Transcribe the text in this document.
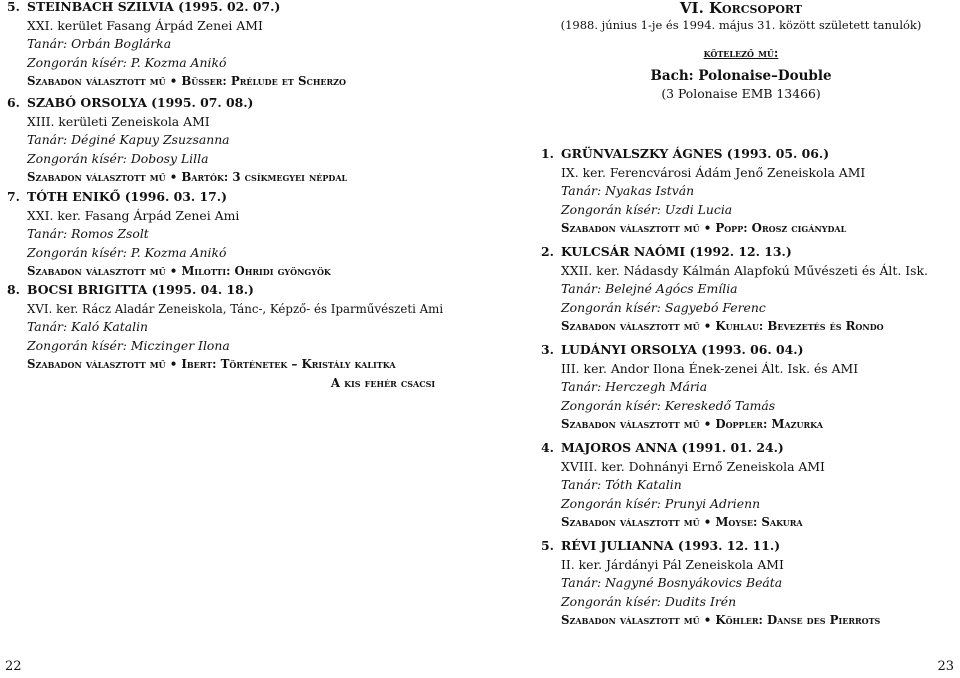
5. STEINBACH SZILVIA (1995. 02. 07.)
XXI. kerület Fasang Árpád Zenei AMI
Tanár: Orbán Boglárka
Zongorán kísér: P. Kozma Anikó
Szabadon választott mű • Büsser: Prélude et Scherzo
6. SZABÓ ORSOLYA (1995. 07. 08.)
XIII. kerületi Zeneiskola AMI
Tanár: Déginé Kapuy Zsuzsanna
Zongorán kísér: Dobosy Lilla
Szabadon választott mű • Bartók: 3 csíkmegyei népdal
7. TÓTH ENIKŐ (1996. 03. 17.)
XXI. ker. Fasang Árpád Zenei Ami
Tanár: Romos Zsolt
Zongorán kísér: P. Kozma Anikó
Szabadon választott mű • Milotti: Ohridi gyöngyök
8. BOCSI BRIGITTA (1995. 04. 18.)
XVI. ker. Rácz Aladár Zeneiskola, Tánc-, Képző- és Iparművészeti Ami
Tanár: Kaló Katalin
Zongorán kísér: Miczinger Ilona
Szabadon választott mű • Ibert: Történetek – Kristály kalitka
A kis fehér csacsi
VI. Korcsoport
(1988. június 1-je és 1994. május 31. között született tanulók)
kötelező mű:
Bach: Polonaise–Double
(3 Polonaise EMB 13466)
1. GRÜNVALSZKY ÁGNES (1993. 05. 06.)
IX. ker. Ferencvárosi Ádám Jenő Zeneiskola AMI
Tanár: Nyakas István
Zongorán kísér: Uzdi Lucia
Szabadon választott mű • Popp: Orosz cigánydal
2. KULCSÁR NAÓMI (1992. 12. 13.)
XXII. ker. Nádasdy Kálmán Alapfokú Művészeti és Ált. Isk.
Tanár: Belejné Agócs Emília
Zongorán kísér: Sagyebó Ferenc
Szabadon választott mű • Kuhlau: Bevezetés és Rondo
3. LUDÁNYI ORSOLYA (1993. 06. 04.)
III. ker. Andor Ilona Ének-zenei Ált. Isk. és AMI
Tanár: Herczegh Mária
Zongorán kísér: Kereskedő Tamás
Szabadon választott mű • Doppler: Mazurka
4. MAJOROS ANNA (1991. 01. 24.)
XVIII. ker. Dohnányi Ernő Zeneiskola AMI
Tanár: Tóth Katalin
Zongorán kísér: Prunyi Adrienn
Szabadon választott mű • Moyse: Sakura
5. RÉVI JULIANNA (1993. 12. 11.)
II. ker. Járdányi Pál Zeneiskola AMI
Tanár: Nagyné Bosnyákovics Beáta
Zongorán kísér: Dudits Irén
Szabadon választott mű • Köhler: Danse des Pierrots
22	23
